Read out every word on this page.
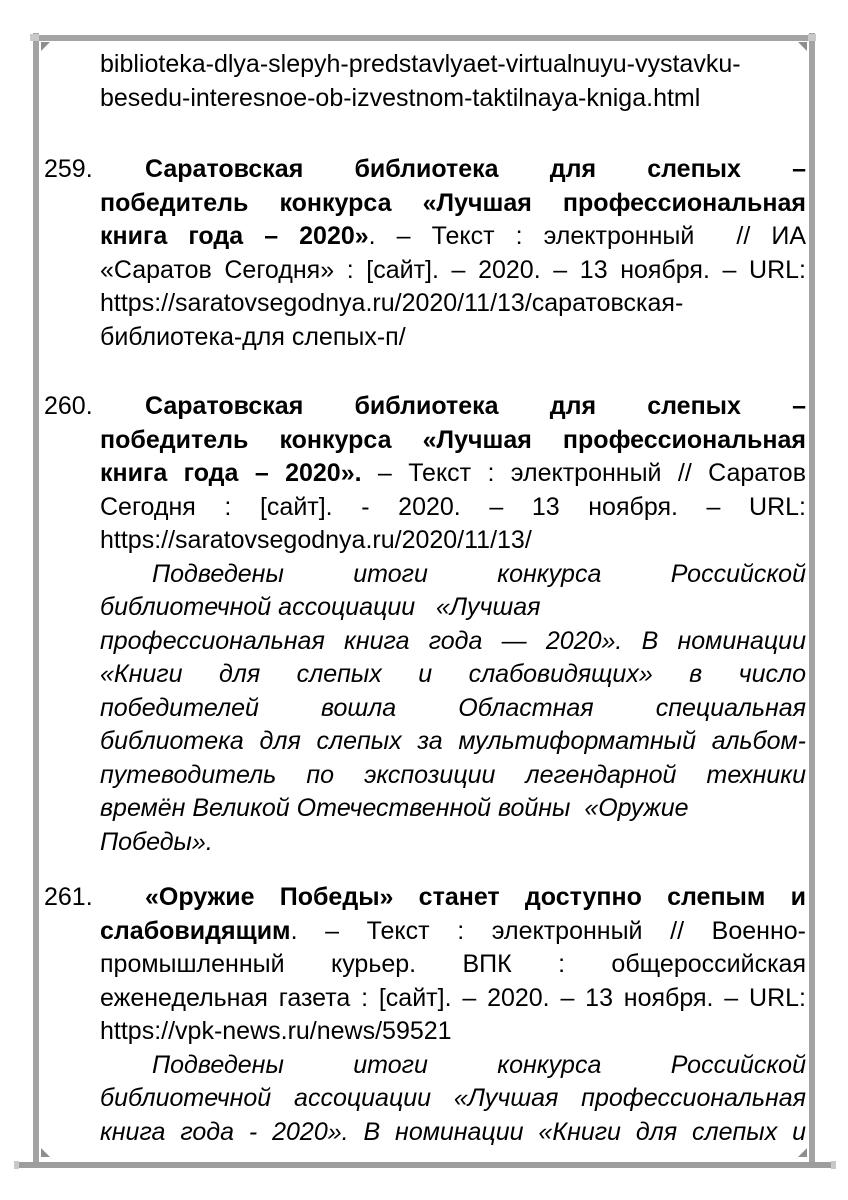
biblioteka-dlya-slepyh-predstavlyaet-virtualnuyu-vystavku-
besedu-interesnoe-ob-izvestnom-taktilnaya-kniga.html
259. Саратовская библиотека для слепых –
победитель конкурса «Лучшая профессиональная
книга года – 2020». – Текст : электронный  // ИА
«Саратов Сегодня» : [сайт]. – 2020. – 13 ноября. – URL:
https://saratovsegodnya.ru/2020/11/13/саратовская-
библиотека-для слепых-п/
260. Саратовская библиотека для слепых –
победитель конкурса «Лучшая профессиональная
книга года – 2020». – Текст : электронный // Саратов
Сегодня : [сайт]. - 2020. – 13 ноября. – URL:
https://saratovsegodnya.ru/2020/11/13/
Подведены итоги конкурса Российской
библиотечной ассоциации   «Лучшая
профессиональная книга года — 2020». В номинации
«Книги для слепых и слабовидящих» в число
победителей вошла Областная специальная
библиотека для слепых за мультиформатный альбом-
путеводитель по экспозиции легендарной техники
времён Великой Отечественной войны  «Оружие
Победы».
261. «Оружие Победы» станет доступно слепым и
слабовидящим. – Текст : электронный // Военно-
промышленный курьер. ВПК : общероссийская
еженедельная газета : [сайт]. – 2020. – 13 ноября. – URL:
https://vpk-news.ru/news/59521
Подведены итоги конкурса Российской
библиотечной ассоциации «Лучшая профессиональная
книга года - 2020». В номинации «Книги для слепых и
